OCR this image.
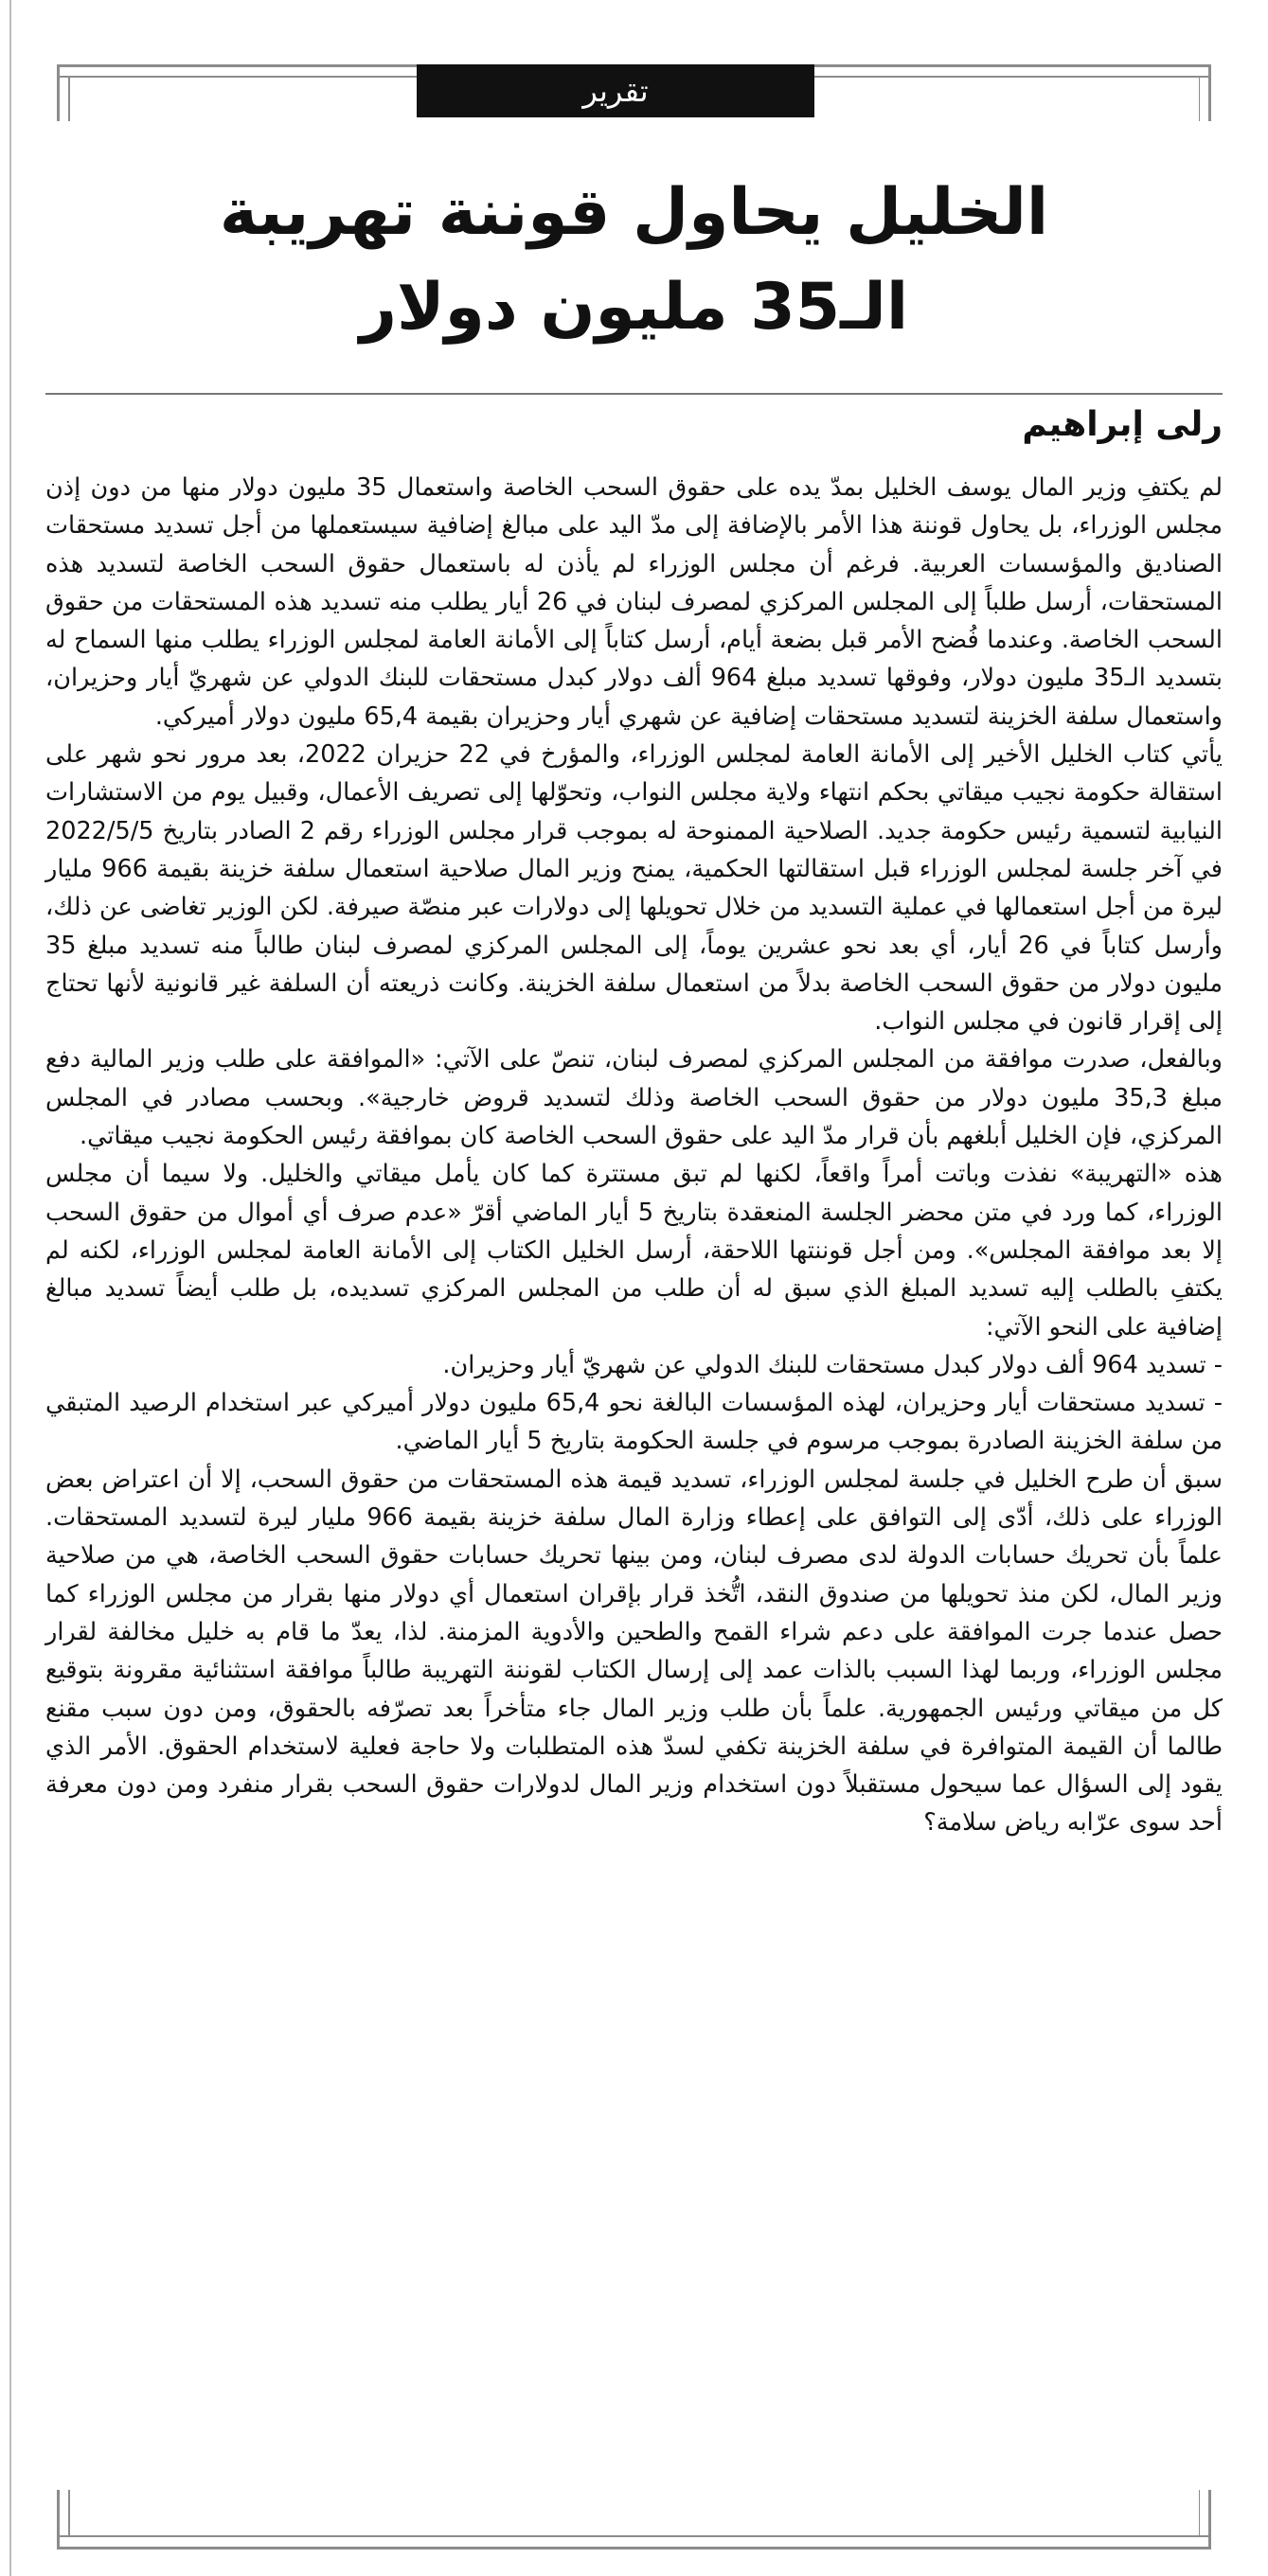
تقرير
الخليل يحاول قوننة تهريبة
الـ35 مليون دولار
رلى إبراهيم

لم يكتفِ وزير المال يوسف الخليل بمدّ يده على حقوق السحب الخاصة واستعمال 35 مليون دولار منها من دون إذن مجلس الوزراء، بل يحاول قوننة هذا الأمر بالإضافة إلى مدّ اليد على مبالغ إضافية سيستعملها من أجل تسديد مستحقات الصناديق والمؤسسات العربية. فرغم أن مجلس الوزراء لم يأذن له باستعمال حقوق السحب الخاصة لتسديد هذه المستحقات، أرسل طلباً إلى المجلس المركزي لمصرف لبنان في 26 أيار يطلب منه تسديد هذه المستحقات من حقوق السحب الخاصة. وعندما فُضح الأمر قبل بضعة أيام، أرسل كتاباً إلى الأمانة العامة لمجلس الوزراء يطلب منها السماح له بتسديد الـ35 مليون دولار، وفوقها تسديد مبلغ 964 ألف دولار كبدل مستحقات للبنك الدولي عن شهريّ أيار وحزيران، واستعمال سلفة الخزينة لتسديد مستحقات إضافية عن شهري أيار وحزيران بقيمة 65,4 مليون دولار أميركي.

يأتي كتاب الخليل الأخير إلى الأمانة العامة لمجلس الوزراء، والمؤرخ في 22 حزيران 2022، بعد مرور نحو شهر على استقالة حكومة نجيب ميقاتي بحكم انتهاء ولاية مجلس النواب، وتحوّلها إلى تصريف الأعمال، وقبيل يوم من الاستشارات النيابية لتسمية رئيس حكومة جديد. الصلاحية الممنوحة له بموجب قرار مجلس الوزراء رقم 2 الصادر بتاريخ 2022/5/5 في آخر جلسة لمجلس الوزراء قبل استقالتها الحكمية، يمنح وزير المال صلاحية استعمال سلفة خزينة بقيمة 966 مليار ليرة من أجل استعمالها في عملية التسديد من خلال تحويلها إلى دولارات عبر منصّة صيرفة. لكن الوزير تغاضى عن ذلك، وأرسل كتاباً في 26 أيار، أي بعد نحو عشرين يوماً، إلى المجلس المركزي لمصرف لبنان طالباً منه تسديد مبلغ 35 مليون دولار من حقوق السحب الخاصة بدلاً من استعمال سلفة الخزينة. وكانت ذريعته أن السلفة غير قانونية لأنها تحتاج إلى إقرار قانون في مجلس النواب.

وبالفعل، صدرت موافقة من المجلس المركزي لمصرف لبنان، تنصّ على الآتي: «الموافقة على طلب وزير المالية دفع مبلغ 35,3 مليون دولار من حقوق السحب الخاصة وذلك لتسديد قروض خارجية». وبحسب مصادر في المجلس المركزي، فإن الخليل أبلغهم بأن قرار مدّ اليد على حقوق السحب الخاصة كان بموافقة رئيس الحكومة نجيب ميقاتي.

هذه «التهريبة» نفذت وباتت أمراً واقعاً، لكنها لم تبق مستترة كما كان يأمل ميقاتي والخليل. ولا سيما أن مجلس الوزراء، كما ورد في متن محضر الجلسة المنعقدة بتاريخ 5 أيار الماضي أقرّ «عدم صرف أي أموال من حقوق السحب إلا بعد موافقة المجلس». ومن أجل قوننتها اللاحقة، أرسل الخليل الكتاب إلى الأمانة العامة لمجلس الوزراء، لكنه لم يكتفِ بالطلب إليه تسديد المبلغ الذي سبق له أن طلب من المجلس المركزي تسديده، بل طلب أيضاً تسديد مبالغ إضافية على النحو الآتي:

- تسديد 964 ألف دولار كبدل مستحقات للبنك الدولي عن شهريّ أيار وحزيران.

- تسديد مستحقات أيار وحزيران، لهذه المؤسسات البالغة نحو 65,4 مليون دولار أميركي عبر استخدام الرصيد المتبقي من سلفة الخزينة الصادرة بموجب مرسوم في جلسة الحكومة بتاريخ 5 أيار الماضي.

سبق أن طرح الخليل في جلسة لمجلس الوزراء، تسديد قيمة هذه المستحقات من حقوق السحب، إلا أن اعتراض بعض الوزراء على ذلك، أدّى إلى التوافق على إعطاء وزارة المال سلفة خزينة بقيمة 966 مليار ليرة لتسديد المستحقات. علماً بأن تحريك حسابات الدولة لدى مصرف لبنان، ومن بينها تحريك حسابات حقوق السحب الخاصة، هي من صلاحية وزير المال، لكن منذ تحويلها من صندوق النقد، اتُّخذ قرار بإقران استعمال أي دولار منها بقرار من مجلس الوزراء كما حصل عندما جرت الموافقة على دعم شراء القمح والطحين والأدوية المزمنة. لذا، يعدّ ما قام به خليل مخالفة لقرار مجلس الوزراء، وربما لهذا السبب بالذات عمد إلى إرسال الكتاب لقوننة التهريبة طالباً موافقة استثنائية مقرونة بتوقيع كل من ميقاتي ورئيس الجمهورية. علماً بأن طلب وزير المال جاء متأخراً بعد تصرّفه بالحقوق، ومن دون سبب مقنع طالما أن القيمة المتوافرة في سلفة الخزينة تكفي لسدّ هذه المتطلبات ولا حاجة فعلية لاستخدام الحقوق. الأمر الذي يقود إلى السؤال عما سيحول مستقبلاً دون استخدام وزير المال لدولارات حقوق السحب بقرار منفرد ومن دون معرفة أحد سوى عرّابه رياض سلامة؟
